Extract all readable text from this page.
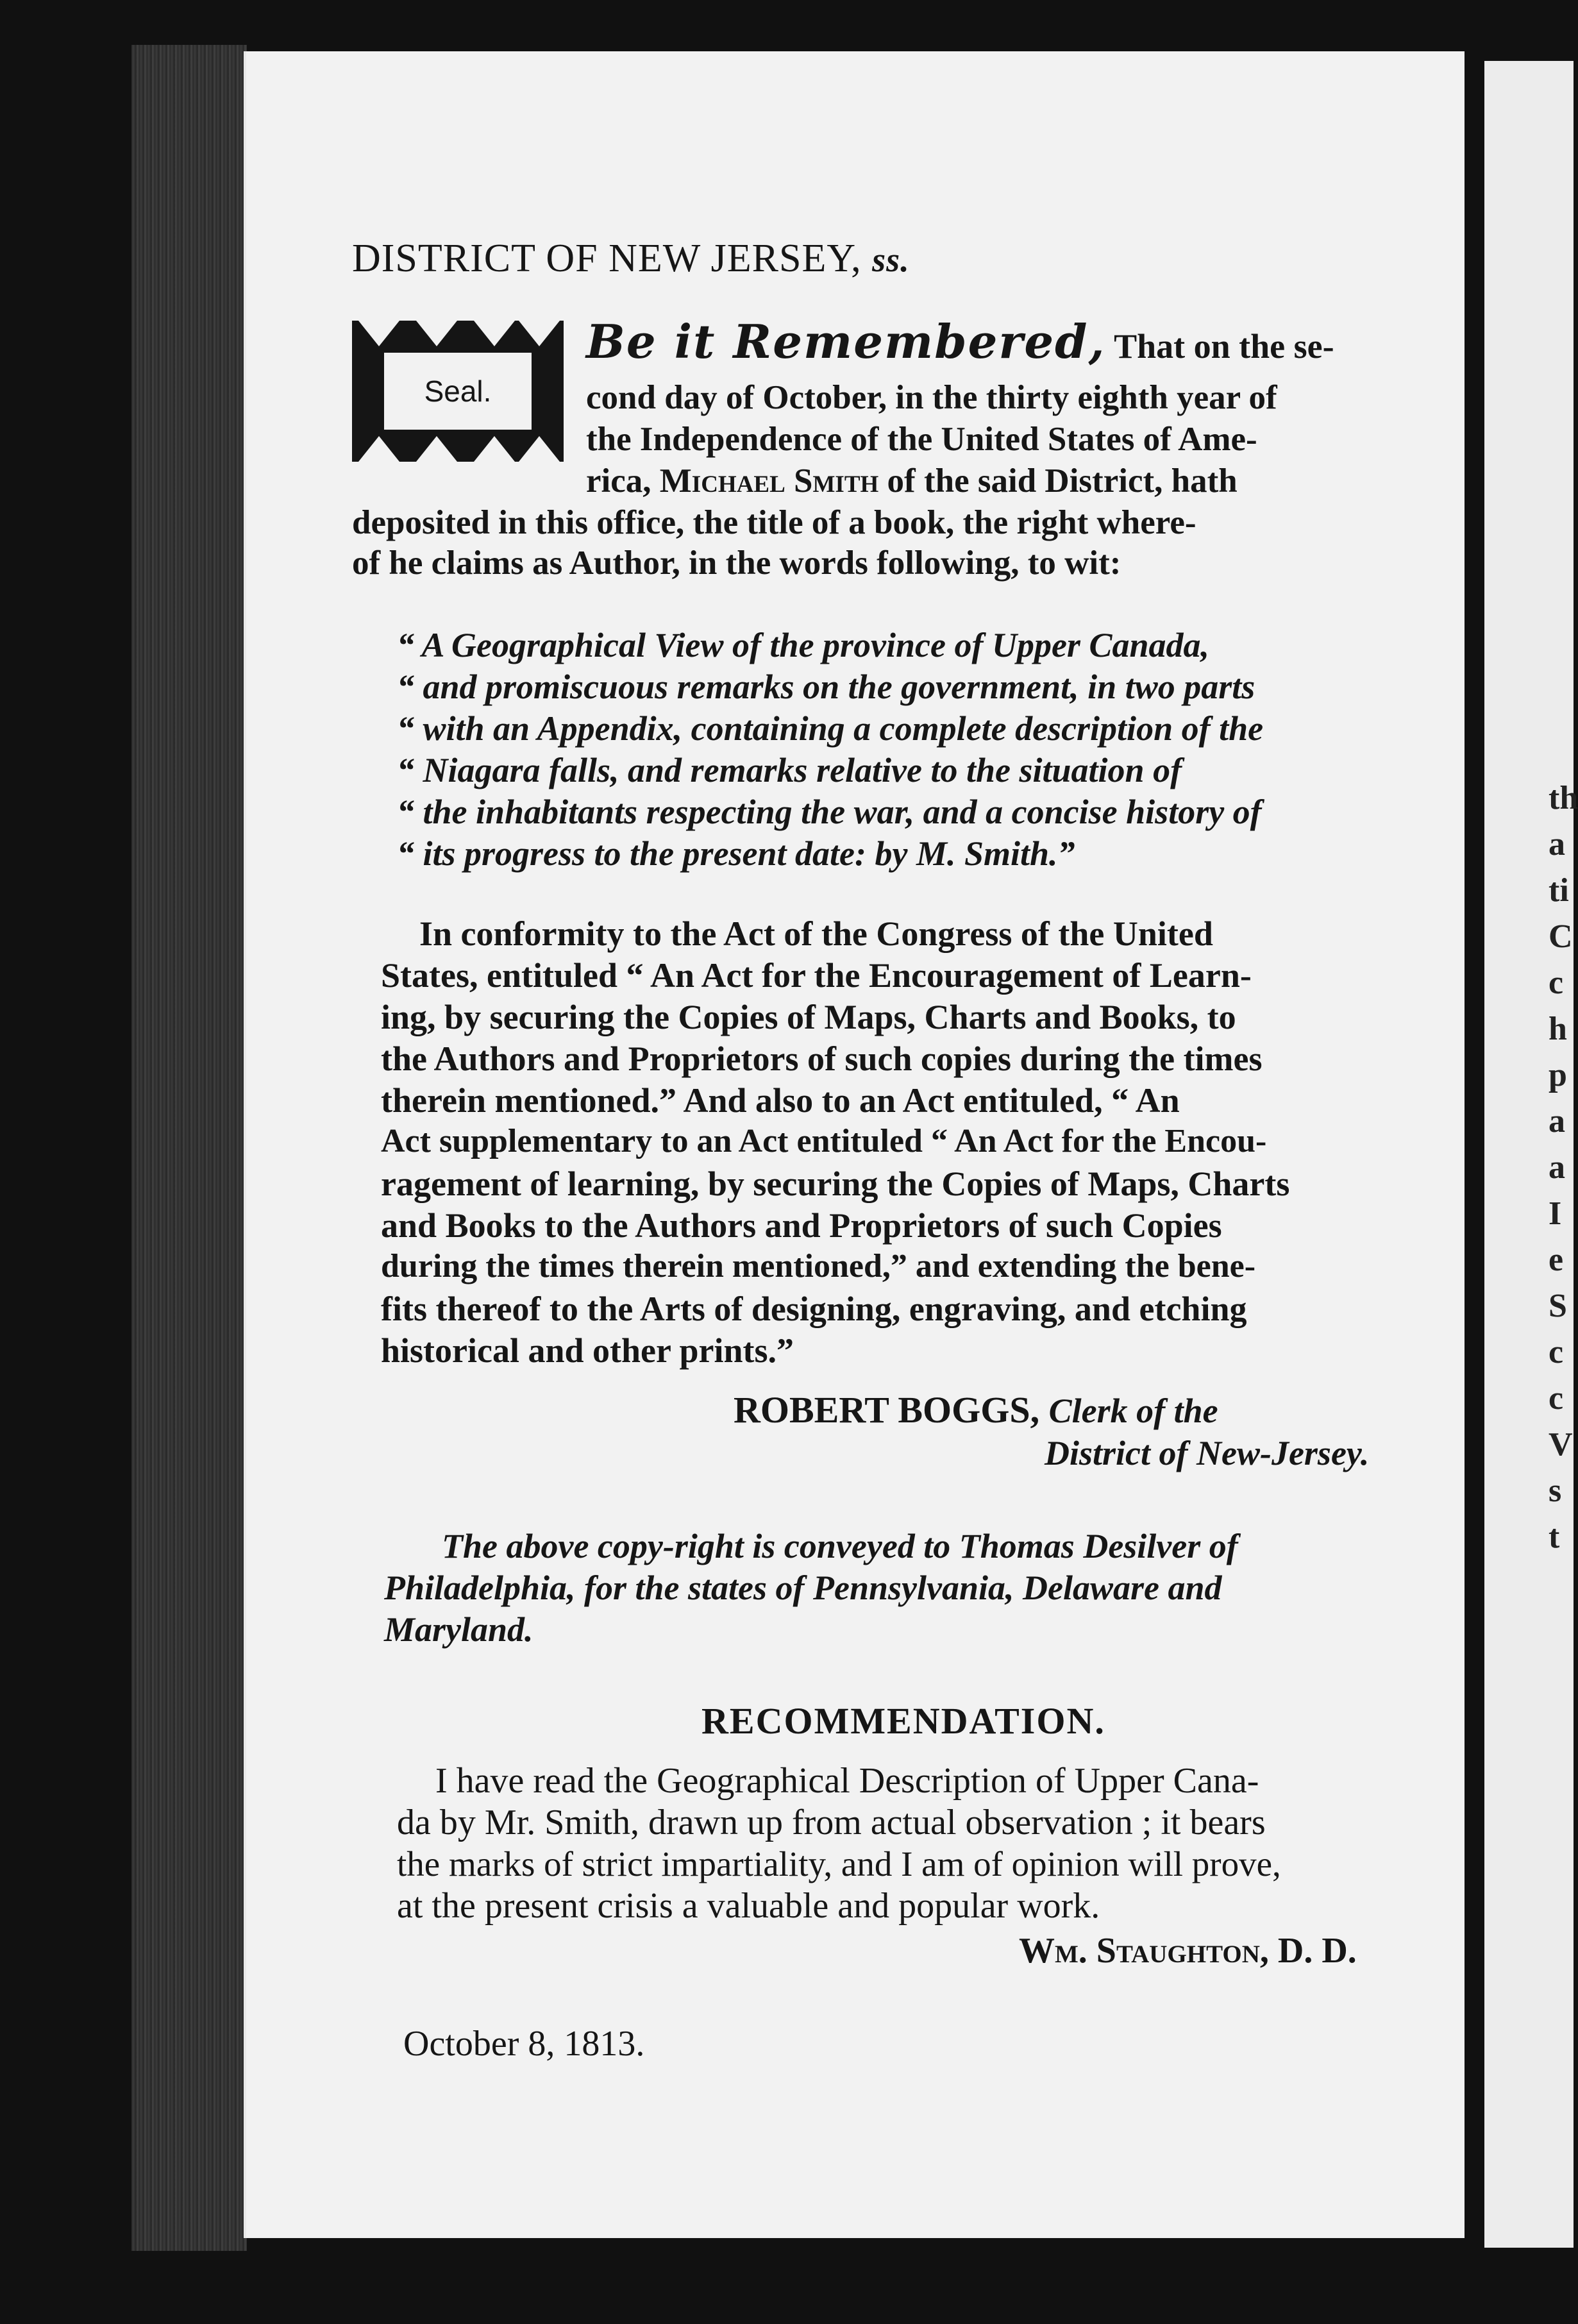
DISTRICT OF NEW JERSEY, ss.
Seal.
Be it Remembered, That on the se-
cond day of October, in the thirty eighth year of
the Independence of the United States of Ame-
rica, Michael Smith of the said District, hath
deposited in this office, the title of a book, the right where-
of he claims as Author, in the words following, to wit:
“ A Geographical View of the province of Upper Canada,
“ and promiscuous remarks on the government, in two parts
“ with an Appendix, containing a complete description of the
“ Niagara falls, and remarks relative to the situation of
“ the inhabitants respecting the war, and a concise history of
“ its progress to the present date: by M. Smith.”
In conformity to the Act of the Congress of the United
States, entituled “ An Act for the Encouragement of Learn-
ing, by securing the Copies of Maps, Charts and Books, to
the Authors and Proprietors of such copies during the times
therein mentioned.” And also to an Act entituled, “ An
Act supplementary to an Act entituled “ An Act for the Encou-
ragement of learning, by securing the Copies of Maps, Charts
and Books to the Authors and Proprietors of such Copies
during the times therein mentioned,” and extending the bene-
fits thereof to the Arts of designing, engraving, and etching
historical and other prints.”
ROBERT BOGGS, Clerk of the
District of New-Jersey.
The above copy-right is conveyed to Thomas Desilver of
Philadelphia, for the states of Pennsylvania, Delaware and
Maryland.
RECOMMENDATION.
I have read the Geographical Description of Upper Cana-
da by Mr. Smith, drawn up from actual observation ; it bears
the marks of strict impartiality, and I am of opinion will prove,
at the present crisis a valuable and popular work.
Wm. Staughton, D. D.
October 8, 1813.
th
a
ti
C
c
h
p
a
a
I
e
S
c
c
V
s
t
